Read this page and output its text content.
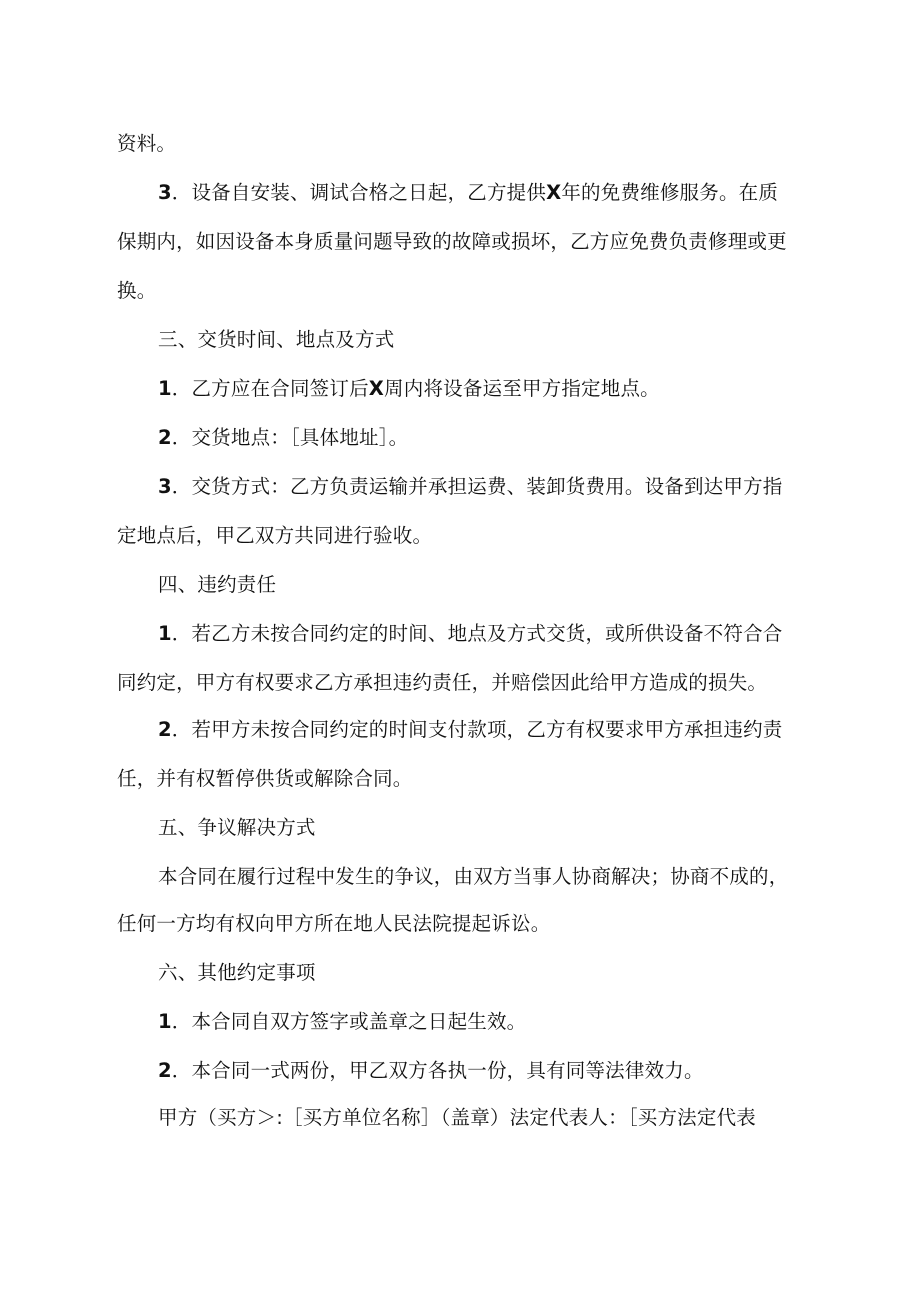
资料。
3．设备自安装、调试合格之日起，乙方提供X年的免费维修服务。在质
保期内，如因设备本身质量问题导致的故障或损坏，乙方应免费负责修理或更
换。
三、交货时间、地点及方式
1．乙方应在合同签订后X周内将设备运至甲方指定地点。
2．交货地点：［具体地址］。
3．交货方式：乙方负责运输并承担运费、装卸货费用。设备到达甲方指
定地点后，甲乙双方共同进行验收。
四、违约责任
1．若乙方未按合同约定的时间、地点及方式交货，或所供设备不符合合
同约定，甲方有权要求乙方承担违约责任，并赔偿因此给甲方造成的损失。
2．若甲方未按合同约定的时间支付款项，乙方有权要求甲方承担违约责
任，并有权暂停供货或解除合同。
五、争议解决方式
本合同在履行过程中发生的争议，由双方当事人协商解决；协商不成的，
任何一方均有权向甲方所在地人民法院提起诉讼。
六、其他约定事项
1．本合同自双方签字或盖章之日起生效。
2．本合同一式两份，甲乙双方各执一份，具有同等法律效力。
甲方（买方＞:［买方单位名称］（盖章）法定代表人：［买方法定代表
